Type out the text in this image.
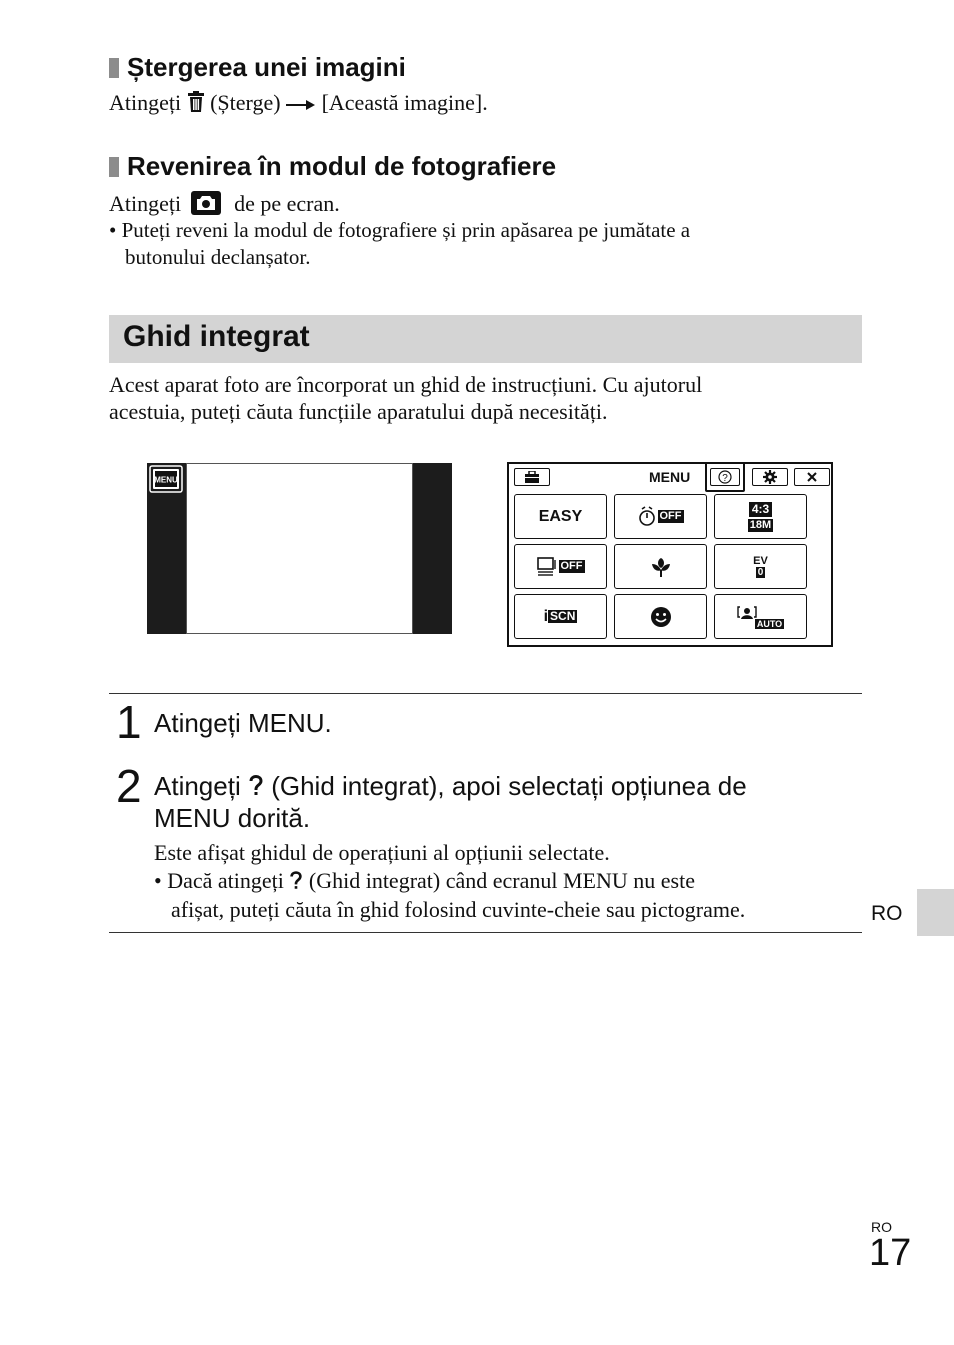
Ștergerea unei imagini
Atingeți (Șterge) [Această imagine].
Revenirea în modul de fotografiere
Atingeți de pe ecran.
• Puteți reveni la modul de fotografiere și prin apăsarea pe jumătate a
butonului declanșator.
Ghid integrat
Acest aparat foto are încorporat un ghid de instrucțiuni. Cu ajutorul
acestuia, puteți căuta funcțiile aparatului după necesități.
MENU	MENU	?
EASY	OFF
4:3
18M
OFF	EV
0
i SCN
AUTO
1 Atingeți MENU.
2 Atingeți (Ghid integrat), apoi selectați opțiunea de
MENU dorită.
Este afișat ghidul de operațiuni al opțiunii selectate.
• Dacă atingeți (Ghid integrat) când ecranul MENU nu este
afișat, puteți căuta în ghid folosind cuvinte-cheie sau pictograme.	RO
RO
17
